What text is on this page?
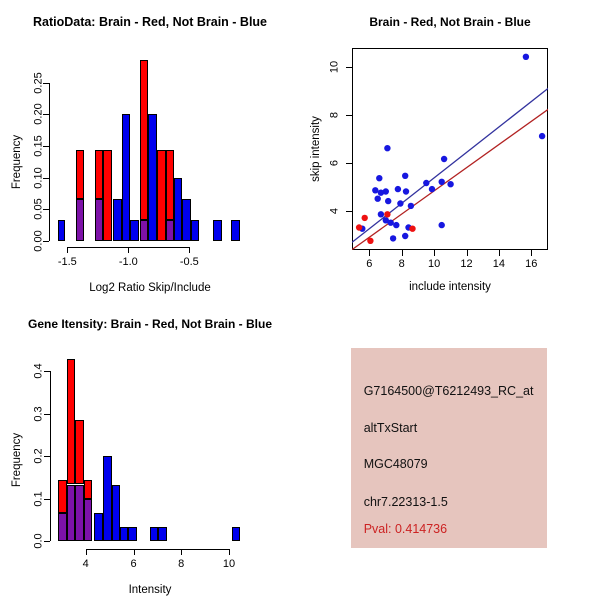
RatioData: Brain - Red, Not Brain - Blue
0.00
0.05
0.10
0.15
0.20
0.25
-1.5	-1.0	-0.5
Log2 Ratio Skip/Include
Frequency
Brain - Red, Not Brain - Blue
6 8 10 12 14 16
4
6
8
10
include intensity
skip intensity
Gene Itensity: Brain - Red, Not Brain - Blue
0.0
0.1
0.2
0.3
0.4
4	6	8	10
Intensity
Frequency
G7164500@T6212493_RC_at
altTxStart
MGC48079
chr7.22313-1.5
Pval: 0.414736
